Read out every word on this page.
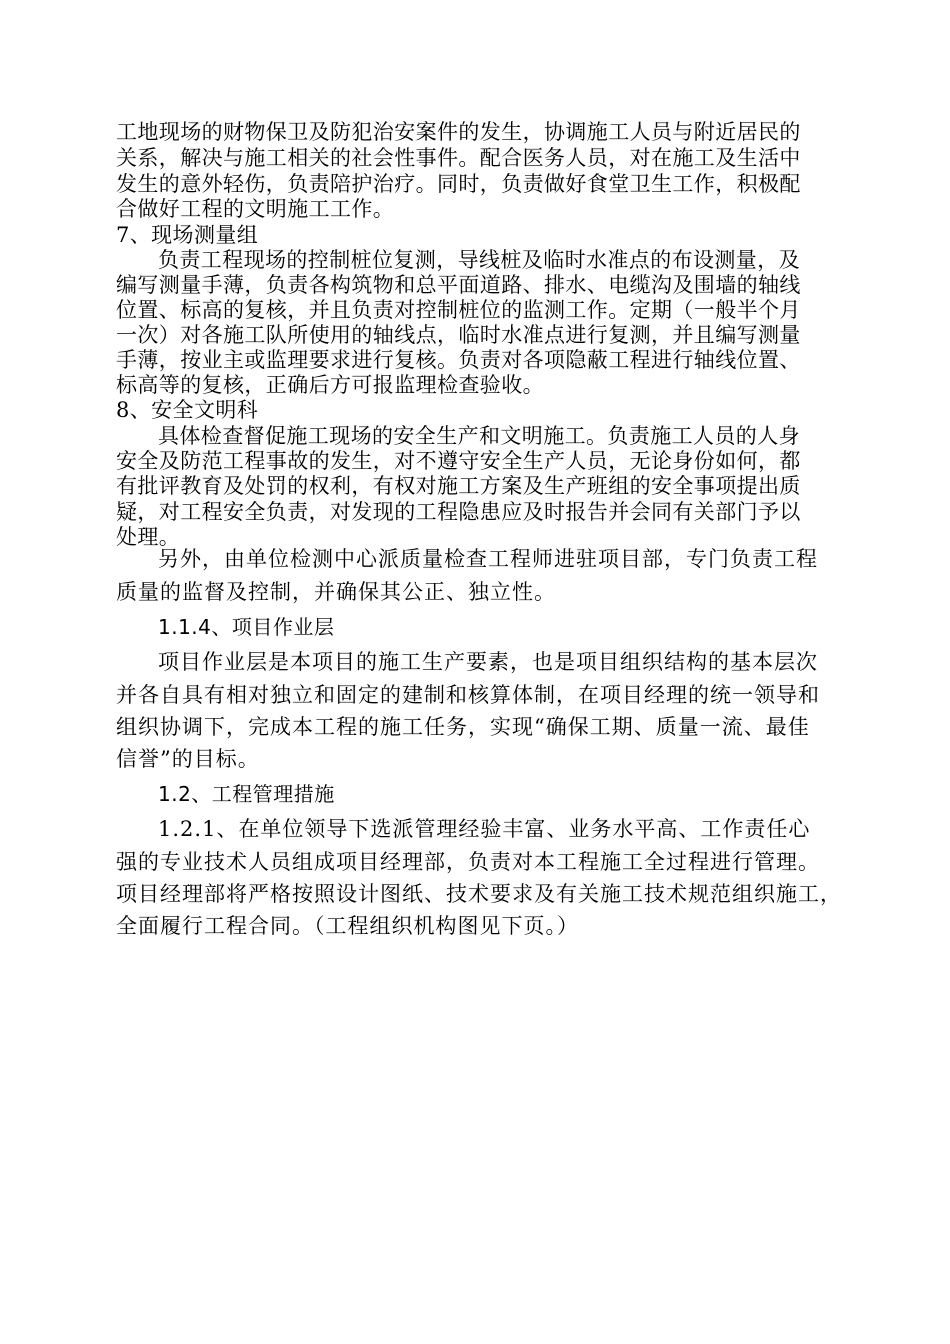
工地现场的财物保卫及防犯治安案件的发生，协调施工人员与附近居民的
关系，解决与施工相关的社会性事件。配合医务人员，对在施工及生活中
发生的意外轻伤，负责陪护治疗。同时，负责做好食堂卫生工作，积极配
合做好工程的文明施工工作。
7、现场测量组
负责工程现场的控制桩位复测，导线桩及临时水准点的布设测量，及
编写测量手薄，负责各构筑物和总平面道路、排水、电缆沟及围墙的轴线
位置、标高的复核，并且负责对控制桩位的监测工作。定期（一般半个月
一次）对各施工队所使用的轴线点，临时水准点进行复测，并且编写测量
手薄，按业主或监理要求进行复核。负责对各项隐蔽工程进行轴线位置、
标高等的复核，正确后方可报监理检查验收。
8、安全文明科
具体检查督促施工现场的安全生产和文明施工。负责施工人员的人身
安全及防范工程事故的发生，对不遵守安全生产人员，无论身份如何，都
有批评教育及处罚的权利，有权对施工方案及生产班组的安全事项提出质
疑，对工程安全负责，对发现的工程隐患应及时报告并会同有关部门予以
处理。
另外，由单位检测中心派质量检查工程师进驻项目部，专门负责工程
质量的监督及控制，并确保其公正、独立性。
1.1.4、项目作业层
项目作业层是本项目的施工生产要素，也是项目组织结构的基本层次
并各自具有相对独立和固定的建制和核算体制，在项目经理的统一领导和
组织协调下，完成本工程的施工任务，实现“确保工期、质量一流、最佳
信誉”的目标。
1.2、工程管理措施
1.2.1、在单位领导下选派管理经验丰富、业务水平高、工作责任心
强的专业技术人员组成项目经理部，负责对本工程施工全过程进行管理。
项目经理部将严格按照设计图纸、技术要求及有关施工技术规范组织施工，
全面履行工程合同。（工程组织机构图见下页。）
